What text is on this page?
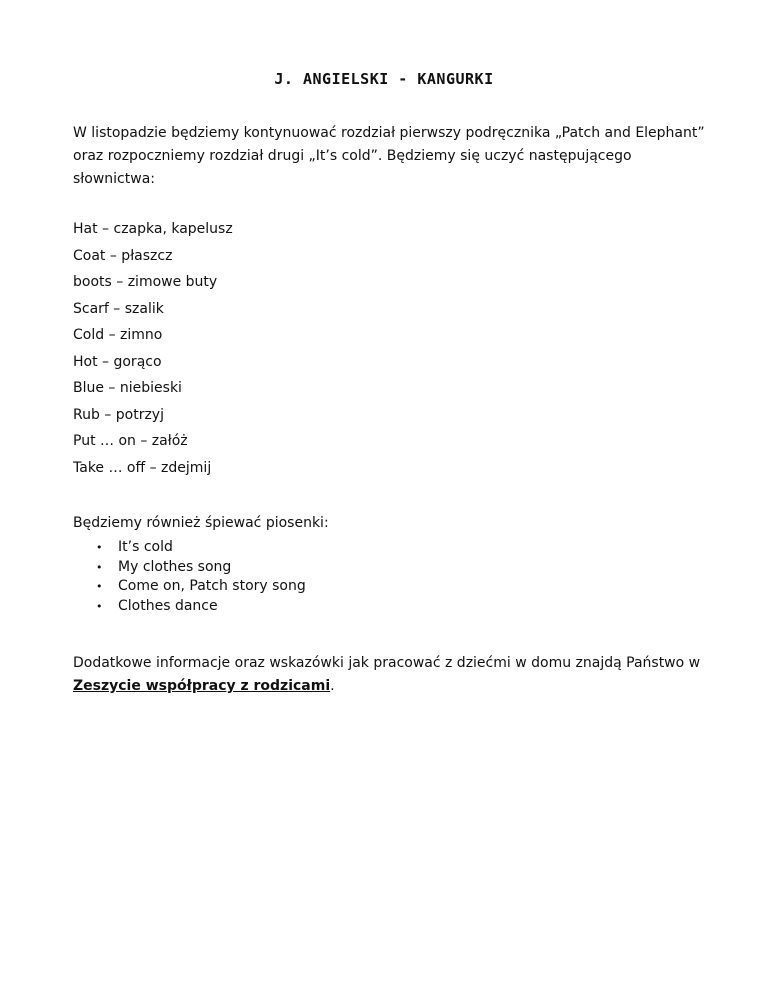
J. ANGIELSKI - KANGURKI
W listopadzie będziemy kontynuować rozdział pierwszy podręcznika „Patch and Elephant” oraz rozpoczniemy rozdział drugi „It’s cold”. Będziemy się uczyć następującego słownictwa:
Hat – czapka, kapelusz
Coat – płaszcz
boots – zimowe buty
Scarf – szalik
Cold – zimno
Hot – gorąco
Blue – niebieski
Rub – potrzyj
Put … on – załóż
Take … off – zdejmij
Będziemy również śpiewać piosenki:
• It’s cold
• My clothes song
• Come on, Patch story song
• Clothes dance
Dodatkowe informacje oraz wskazówki jak pracować z dziećmi w domu znajdą Państwo w Zeszycie współpracy z rodzicami.
